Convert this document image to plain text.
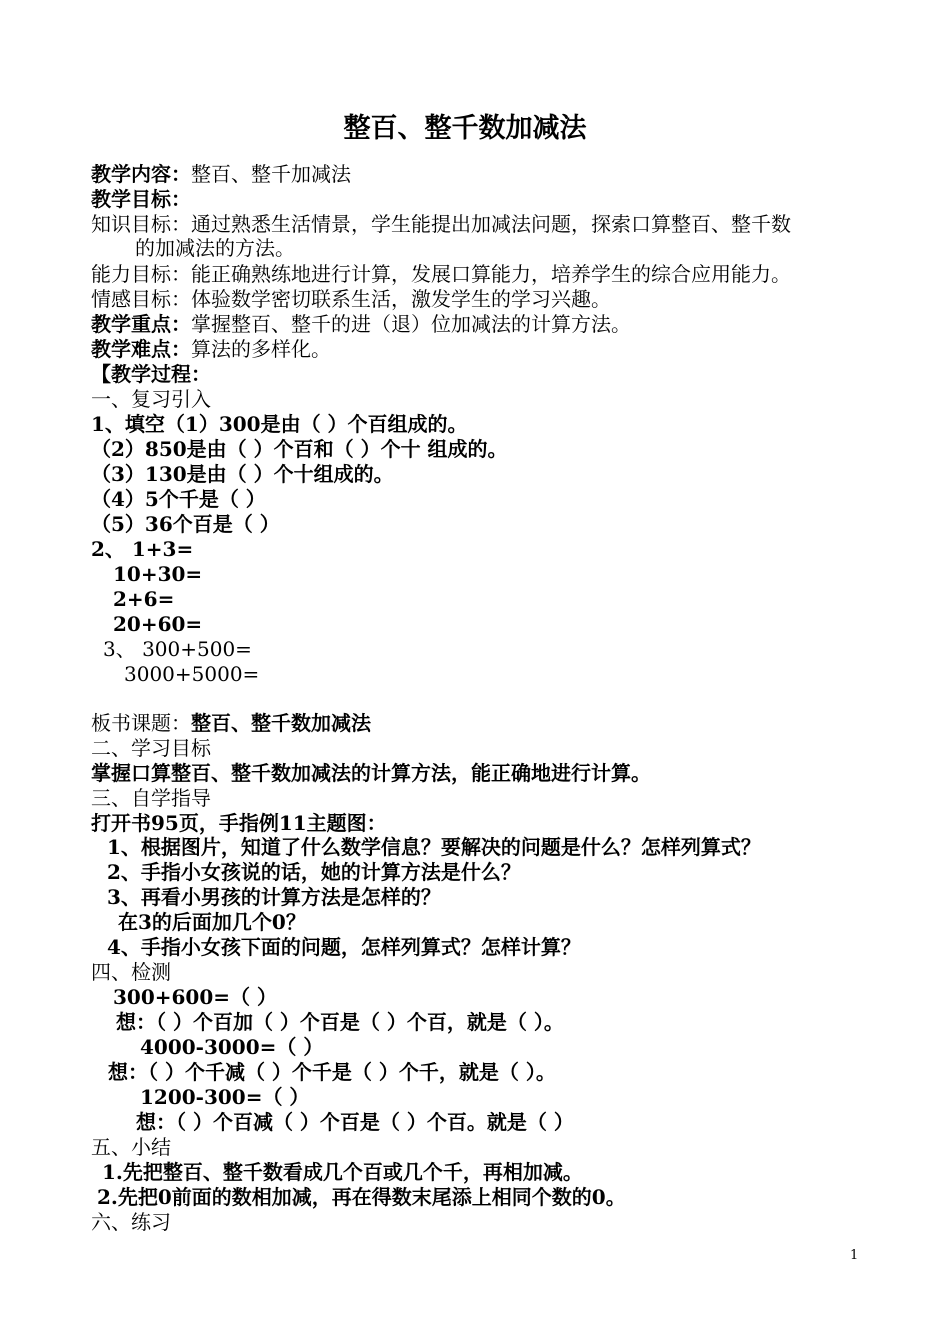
整百、整千数加减法
教学内容：整百、整千加减法
教学目标：
知识目标：通过熟悉生活情景，学生能提出加减法问题，探索口算整百、整千数
的加减法的方法。
能力目标：能正确熟练地进行计算，发展口算能力，培养学生的综合应用能力。
情感目标：体验数学密切联系生活，激发学生的学习兴趣。
教学重点：掌握整百、整千的进（退）位加减法的计算方法。
教学难点：算法的多样化。
【教学过程：
一、复习引入
1、填空（1）300是由（ ）个百组成的。
（2）850是由（ ）个百和（ ）个十 组成的。
（3）130是由（ ）个十组成的。
（4）5个千是（ ）
（5）36个百是（ ）
2、 1+3=
10+30=
2+6=
20+60=
3、 300+500=
3000+5000=
板书课题：整百、整千数加减法
二、学习目标
掌握口算整百、整千数加减法的计算方法，能正确地进行计算。
三、自学指导
打开书95页，手指例11主题图：
1、根据图片，知道了什么数学信息？要解决的问题是什么？怎样列算式？
2、手指小女孩说的话，她的计算方法是什么？
3、再看小男孩的计算方法是怎样的？
在3的后面加几个0？
4、手指小女孩下面的问题，怎样列算式？怎样计算？
四、检测
300+600=（ ）
想：（ ）个百加（ ）个百是（ ）个百，就是（ ）。
4000-3000=（ ）
想：（ ）个千减（ ）个千是（ ）个千，就是（ ）。
1200-300=（ ）
想：（ ）个百减（ ）个百是（ ）个百。就是（ ）
五、小结
1.先把整百、整千数看成几个百或几个千，再相加减。
2.先把0前面的数相加减，再在得数末尾添上相同个数的0。
六、练习
1
